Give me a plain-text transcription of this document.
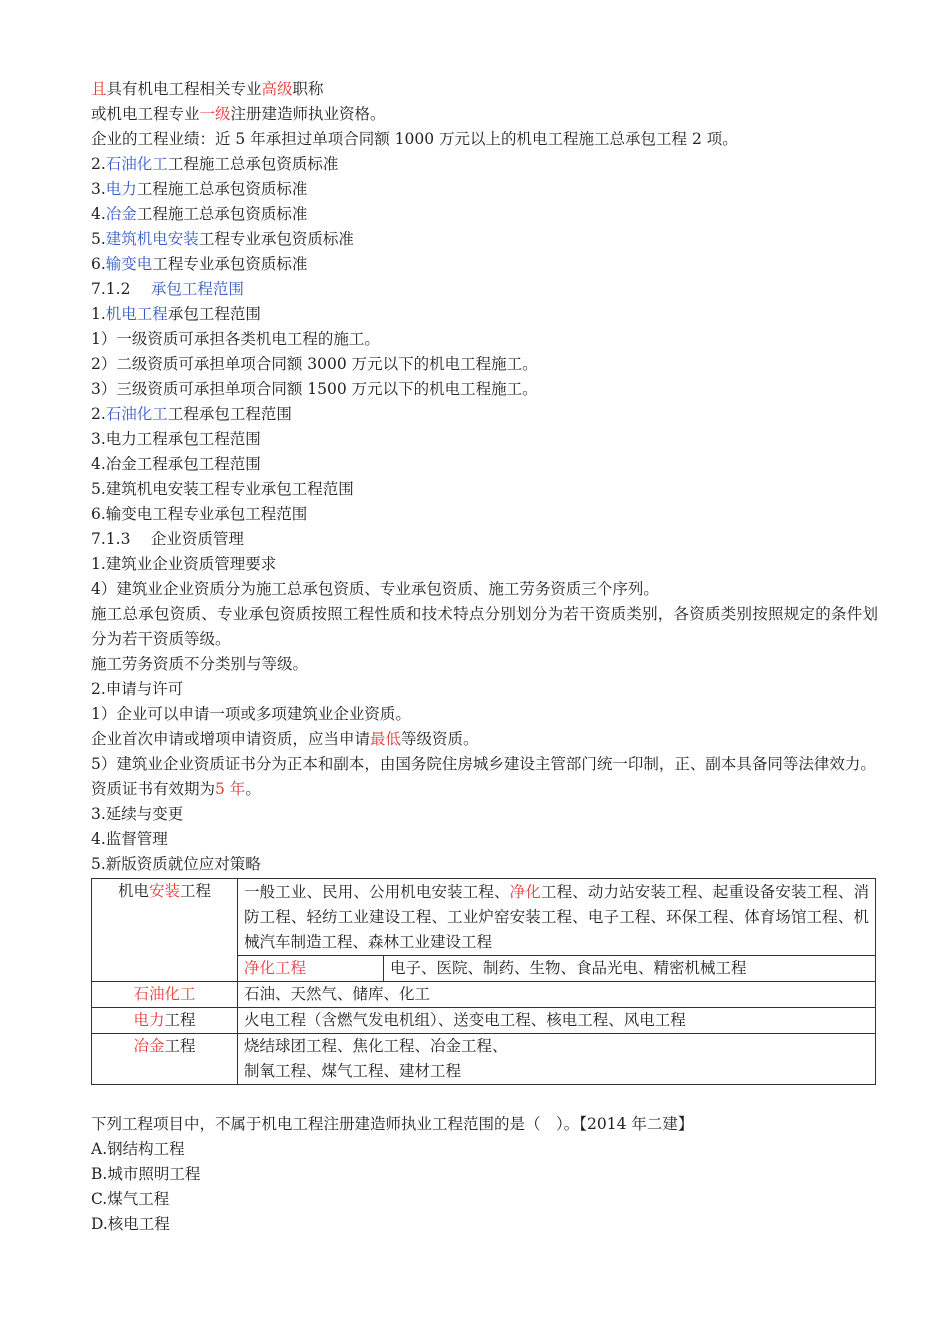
且具有机电工程相关专业高级职称
或机电工程专业一级注册建造师执业资格。
企业的工程业绩：近 5 年承担过单项合同额 1000 万元以上的机电工程施工总承包工程 2 项。
2.石油化工工程施工总承包资质标准
3.电力工程施工总承包资质标准
4.冶金工程施工总承包资质标准
5.建筑机电安装工程专业承包资质标准
6.输变电工程专业承包资质标准
7.1.2　 承包工程范围
1.机电工程承包工程范围
1）一级资质可承担各类机电工程的施工。
2）二级资质可承担单项合同额 3000 万元以下的机电工程施工。
3）三级资质可承担单项合同额 1500 万元以下的机电工程施工。
2.石油化工工程承包工程范围
3.电力工程承包工程范围
4.冶金工程承包工程范围
5.建筑机电安装工程专业承包工程范围
6.输变电工程专业承包工程范围
7.1.3　 企业资质管理
1.建筑业企业资质管理要求
4）建筑业企业资质分为施工总承包资质、专业承包资质、施工劳务资质三个序列。
施工总承包资质、专业承包资质按照工程性质和技术特点分别划分为若干资质类别，各资质类别按照规定的条件划分为若干资质等级。
施工劳务资质不分类别与等级。
2.申请与许可
1）企业可以申请一项或多项建筑业企业资质。
企业首次申请或增项申请资质，应当申请最低等级资质。
5）建筑业企业资质证书分为正本和副本，由国务院住房城乡建设主管部门统一印制，正、副本具备同等法律效力。
资质证书有效期为5 年。
3.延续与变更
4.监督管理
5.新版资质就位应对策略
机电安装工程	一般工业、民用、公用机电安装工程、净化工程、动力站安装工程、起重设备安装工程、消防工程、轻纺工业建设工程、工业炉窑安装工程、电子工程、环保工程、体育场馆工程、机械汽车制造工程、森林工业建设工程
净化工程	电子、医院、制药、生物、食品光电、精密机械工程

石油化工	石油、天然气、储库、化工
电力工程	火电工程（含燃气发电机组）、送变电工程、核电工程、风电工程
冶金工程	烧结球团工程、焦化工程、冶金工程、
制氧工程、煤气工程、建材工程
下列工程项目中，不属于机电工程注册建造师执业工程范围的是（　）。【2014 年二建】
A.钢结构工程
B.城市照明工程
C.煤气工程
D.核电工程
